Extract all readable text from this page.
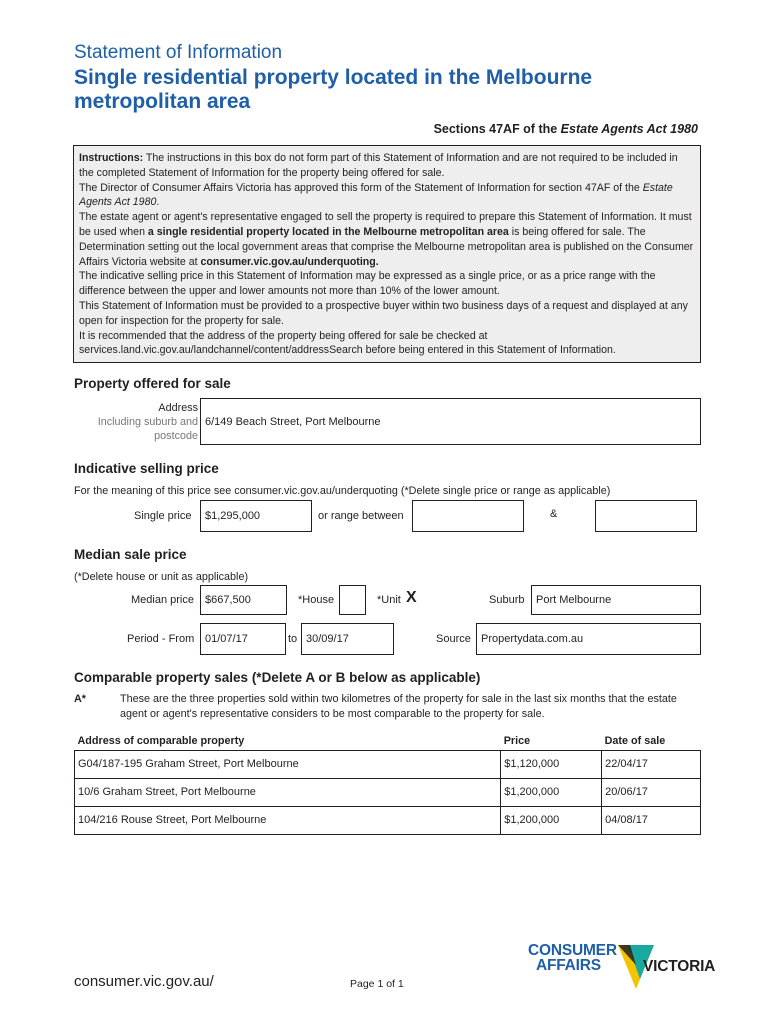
Statement of Information
Single residential property located in the Melbourne metropolitan area
Sections 47AF of the Estate Agents Act 1980

Instructions: The instructions in this box do not form part of this Statement of Information and are not required to be included in the completed Statement of Information for the property being offered for sale.

The Director of Consumer Affairs Victoria has approved this form of the Statement of Information for section 47AF of the Estate Agents Act 1980.

The estate agent or agent's representative engaged to sell the property is required to prepare this Statement of Information. It must be used when a single residential property located in the Melbourne metropolitan area is being offered for sale. The Determination setting out the local government areas that comprise the Melbourne metropolitan area is published on the Consumer Affairs Victoria website at consumer.vic.gov.au/underquoting.

The indicative selling price in this Statement of Information may be expressed as a single price, or as a price range with the difference between the upper and lower amounts not more than 10% of the lower amount.

This Statement of Information must be provided to a prospective buyer within two business days of a request and displayed at any open for inspection for the property for sale.

It is recommended that the address of the property being offered for sale be checked at services.land.vic.gov.au/landchannel/content/addressSearch before being entered in this Statement of Information.

Property offered for sale
Address
Including suburb and
postcode
6/149 Beach Street, Port Melbourne
Indicative selling price
For the meaning of this price see consumer.vic.gov.au/underquoting (*Delete single price or range as applicable)
Single price	$1,295,000	or range between	&
Median sale price
(*Delete house or unit as applicable)
Median price	$667,500	*House	*Unit X	Suburb	Port Melbourne
Period - From 01/07/17	to 30/09/17	Source Propertydata.com.au
Comparable property sales (*Delete A or B below as applicable)
A*	These are the three properties sold within two kilometres of the property for sale in the last six months that the estate agent or agent's representative considers to be most comparable to the property for sale.
Address of comparable property	Price	Date of sale
G04/187-195 Graham Street, Port Melbourne	$1,120,000	22/04/17
10/6 Graham Street, Port Melbourne	$1,200,000	20/06/17
104/216 Rouse Street, Port Melbourne	$1,200,000	04/08/17
consumer.vic.gov.au/	Page 1 of 1
CONSUMER
AFFAIRS	VICTORIA
